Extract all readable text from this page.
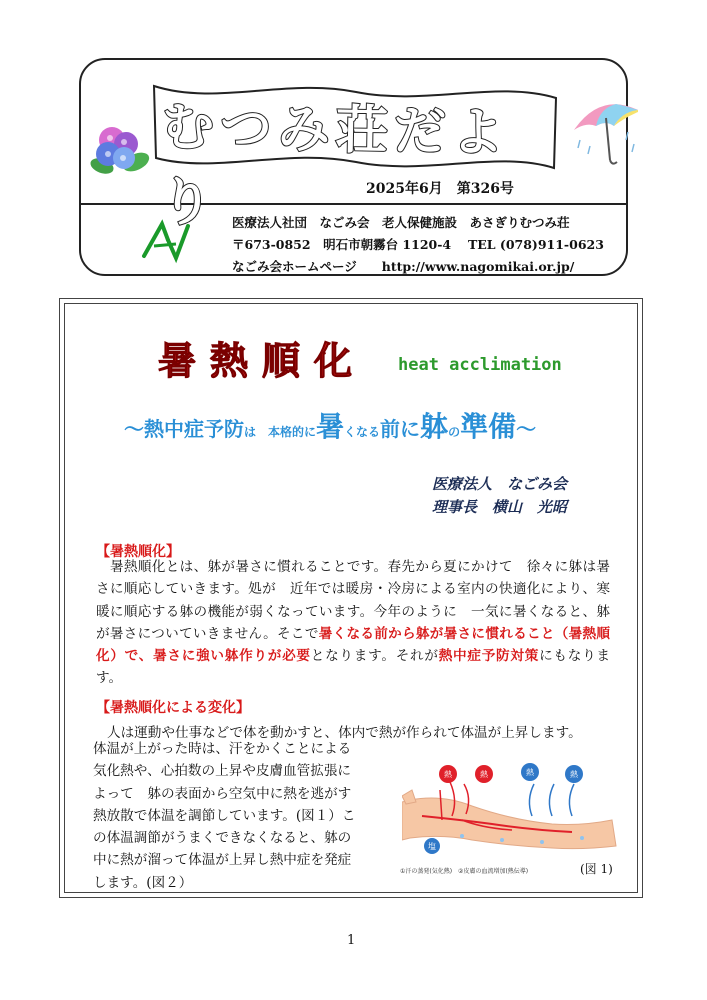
むつみ荘だより	2025年6月　第326号
医療法人社団　なごみ会　老人保健施設　あさぎりむつみ荘
〒673-0852　明石市朝霧台 1120-4　 TEL (078)911-0623
なごみ会ホームページ　　http://www.nagomikai.or.jp/
暑熱順化 heat acclimation
～熱中症予防は　本格的に暑くなる前に躰の準備～
医療法人　なごみ会
理事長　横山　光昭
【暑熱順化】
暑熱順化とは、躰が暑さに慣れることです。春先から夏にかけて　徐々に躰は暑さに順応していきます。処が　近年では暖房・冷房による室内の快適化により、寒暖に順応する躰の機能が弱くなっています。今年のように　一気に暑くなると、躰が暑さについていきません。そこで暑くなる前から躰が暑さに慣れること（暑熱順化）で、暑さに強い躰作りが必要となります。それが熱中症予防対策にもなります。
【暑熱順化による変化】
人は運動や仕事などで体を動かすと、体内で熱が作られて体温が上昇します。
体温が上がった時は、汗をかくことによる気化熱や、心拍数の上昇や皮膚血管拡張によって　躰の表面から空気中に熱を逃がす熱放散で体温を調節しています。(図１）この体温調節がうまくできなくなると、躰の中に熱が溜って体温が上昇し熱中症を発症します。(図２）
熱	熱	熱	熱
塩
①汗の蒸発(気化熱)　②皮膚の血流増加(熱伝導)	(図 1)
1
